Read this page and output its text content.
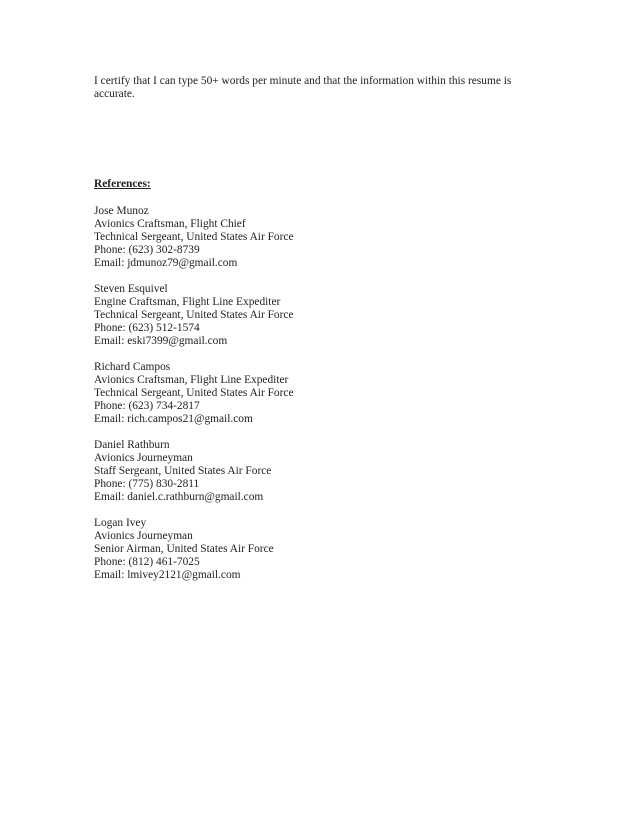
I certify that I can type 50+ words per minute and that the information within this resume is accurate.

References:

Jose Munoz
Avionics Craftsman, Flight Chief
Technical Sergeant, United States Air Force
Phone: (623) 302-8739
Email: jdmunoz79@gmail.com
Steven Esquivel
Engine Craftsman, Flight Line Expediter
Technical Sergeant, United States Air Force
Phone: (623) 512-1574
Email: eski7399@gmail.com
Richard Campos
Avionics Craftsman, Flight Line Expediter
Technical Sergeant, United States Air Force
Phone: (623) 734-2817
Email: rich.campos21@gmail.com
Daniel Rathburn
Avionics Journeyman
Staff Sergeant, United States Air Force
Phone: (775) 830-2811
Email: daniel.c.rathburn@gmail.com
Logan Ivey
Avionics Journeyman
Senior Airman, United States Air Force
Phone: (812) 461-7025
Email: lmivey2121@gmail.com
